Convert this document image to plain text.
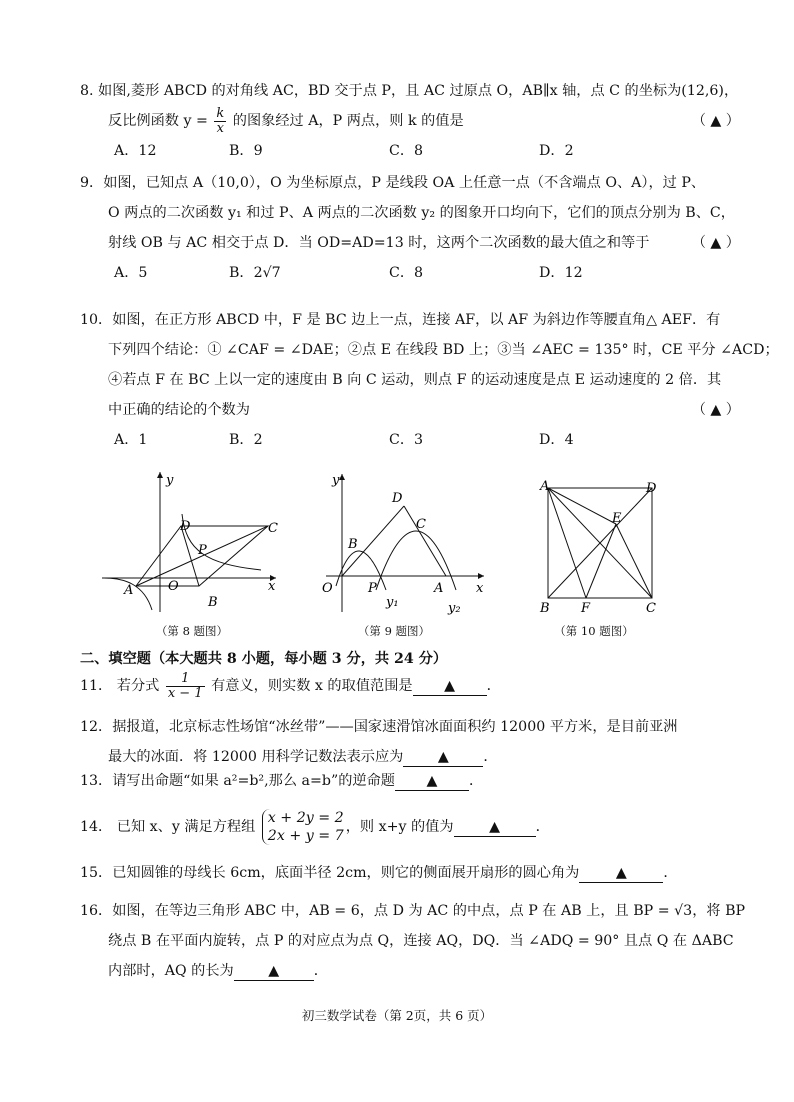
8. 如图,菱形 ABCD 的对角线 AC，BD 交于点 P，且 AC 过原点 O，AB∥x 轴，点 C 的坐标为(12,6)，
反比例函数 $y = \frac{k}{x}$ 的图象经过 A，P 两点，则 k 的值是	（ ▲ ）
A．12	B．9	C．8	D．2
9．如图，已知点 A（10,0），O 为坐标原点，P 是线段 OA 上任意一点（不含端点 O、A），过 P、
O 两点的二次函数 y₁ 和过 P、A 两点的二次函数 y₂ 的图象开口均向下，它们的顶点分别为 B、C，
射线 OB 与 AC 相交于点 D．当 OD=AD=13 时，这两个二次函数的最大值之和等于	（ ▲ ）
A．5	B．2√7	C．8	D．12
10．如图，在正方形 ABCD 中，F 是 BC 边上一点，连接 AF，以 AF 为斜边作等腰直角△ AEF．有
下列四个结论：① ∠CAF = ∠DAE；②点 E 在线段 BD 上；③当 ∠AEC = 135° 时，CE 平分 ∠ACD；
④若点 F 在 BC 上以一定的速度由 B 向 C 运动，则点 F 的运动速度是点 E 运动速度的 2 倍．其
中正确的结论的个数为	（ ▲ ）
A．1	B．2	C．3	D．4
y
x
D	C
P
O
A
B
（第 8 题图）
D
C
B
O	P	A
y
x
y₁	y₂
（第 9 题图）
A	D
E
B F	C
（第 10 题图）
二、填空题（本大题共 8 小题，每小题 3 分，共 24 分）
11． 若分式 $\frac{1}{x - 1}$ 有意义，则实数 x 的取值范围是 ▲ ．
12．据报道，北京标志性场馆“冰丝带”——国家速滑馆冰面面积约 12000 平方米，是目前亚洲
最大的冰面．将 12000 用科学记数法表示应为 ▲ ．
13．请写出命题“如果 a²=b²,那么 a=b”的逆命题 ▲ ．
14． 已知 x、y 满足方程组
x + 2y = 2
2x + y = 7
，则 x+y 的值为	▲	．
15．已知圆锥的母线长 6cm，底面半径 2cm，则它的侧面展开扇形的圆心角为	▲	．
16．如图，在等边三角形 ABC 中，AB = 6，点 D 为 AC 的中点，点 P 在 AB 上，且 BP = √3，将 BP
绕点 B 在平面内旋转，点 P 的对应点为点 Q，连接 AQ，DQ．当 ∠ADQ = 90° 且点 Q 在 ΔABC
内部时，AQ 的长为 ▲ ．
初三数学试卷（第 2页，共 6 页）
